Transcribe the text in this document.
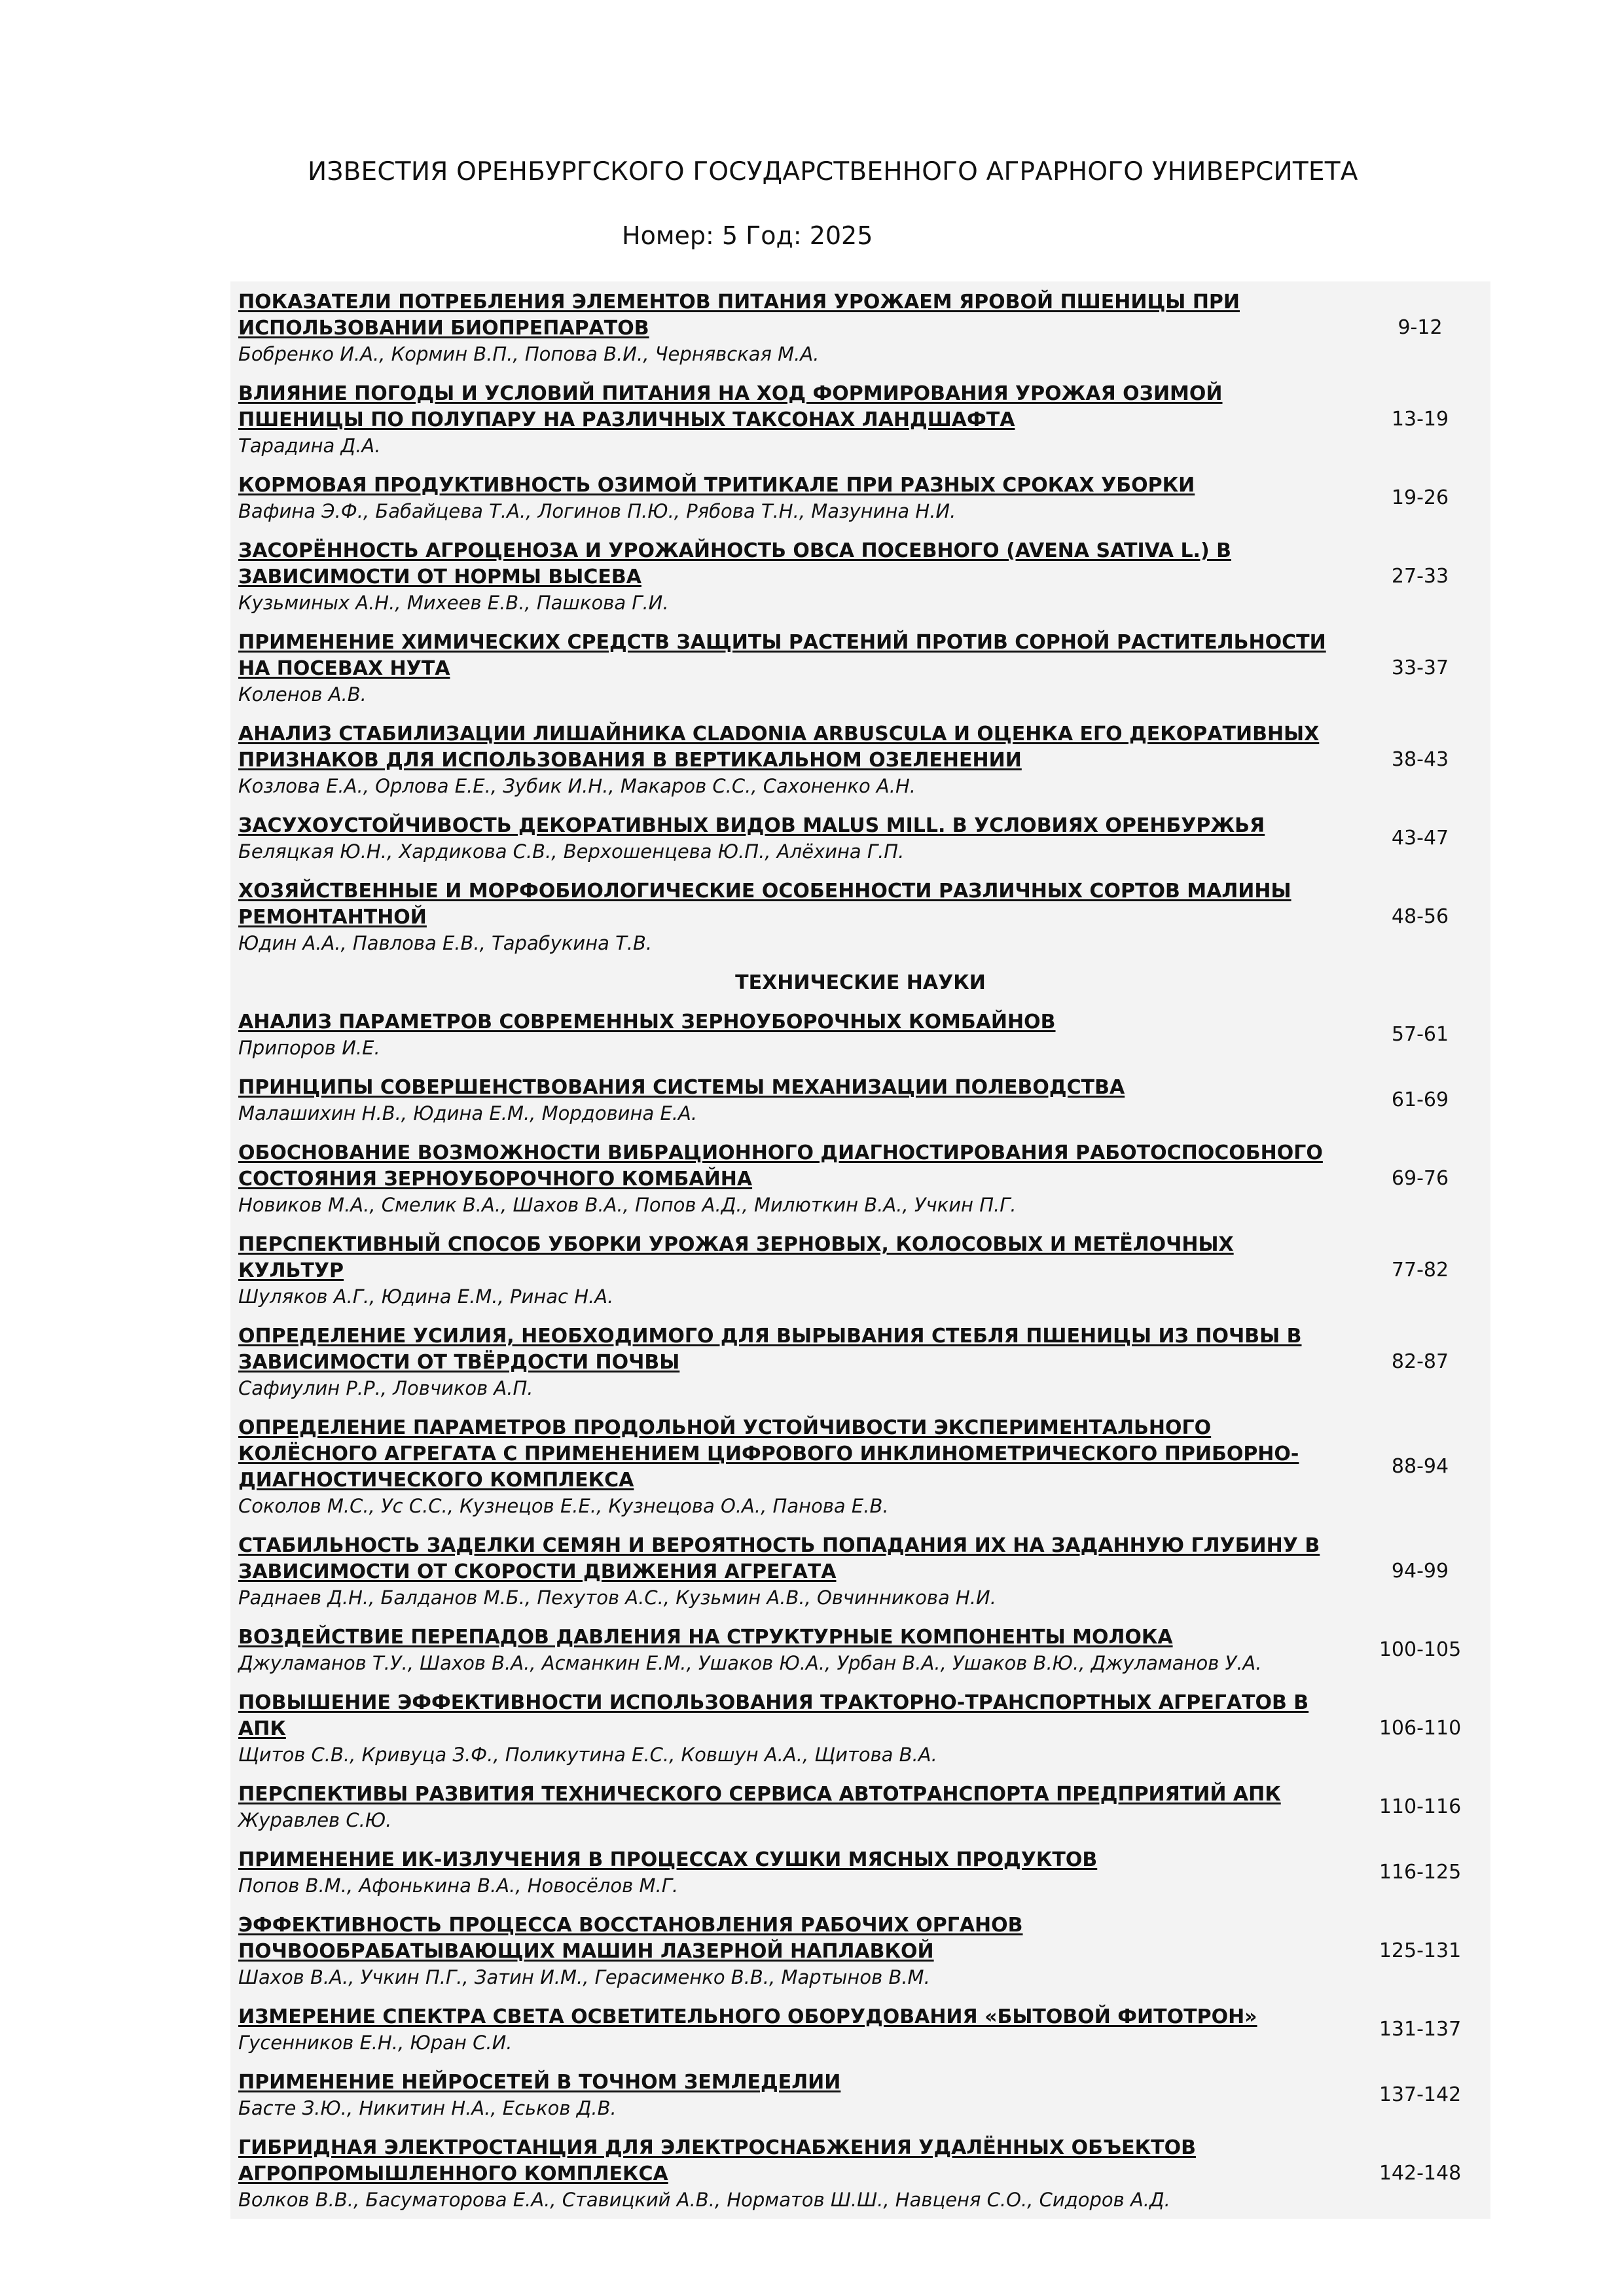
ИЗВЕСТИЯ ОРЕНБУРГСКОГО ГОСУДАРСТВЕННОГО АГРАРНОГО УНИВЕРСИТЕТА
Номер: 5 Год: 2025
ПОКАЗАТЕЛИ ПОТРЕБЛЕНИЯ ЭЛЕМЕНТОВ ПИТАНИЯ УРОЖАЕМ ЯРОВОЙ ПШЕНИЦЫ ПРИ ИСПОЛЬЗОВАНИИ БИОПРЕПАРАТОВ
Бобренко И.А., Кормин В.П., Попова В.И., Чернявская М.А.	9-12

ВЛИЯНИЕ ПОГОДЫ И УСЛОВИЙ ПИТАНИЯ НА ХОД ФОРМИРОВАНИЯ УРОЖАЯ ОЗИМОЙ ПШЕНИЦЫ ПО ПОЛУПАРУ НА РАЗЛИЧНЫХ ТАКСОНАХ ЛАНДШАФТА
Тарадина Д.А.	13-19

КОРМОВАЯ ПРОДУКТИВНОСТЬ ОЗИМОЙ ТРИТИКАЛЕ ПРИ РАЗНЫХ СРОКАХ УБОРКИ
Вафина Э.Ф., Бабайцева Т.А., Логинов П.Ю., Рябова Т.Н., Мазунина Н.И.	19-26

ЗАСОРЁННОСТЬ АГРОЦЕНОЗА И УРОЖАЙНОСТЬ ОВСА ПОСЕВНОГО (AVENA SATIVA L.) В ЗАВИСИМОСТИ ОТ НОРМЫ ВЫСЕВА
Кузьминых А.Н., Михеев Е.В., Пашкова Г.И.	27-33

ПРИМЕНЕНИЕ ХИМИЧЕСКИХ СРЕДСТВ ЗАЩИТЫ РАСТЕНИЙ ПРОТИВ СОРНОЙ РАСТИТЕЛЬНОСТИ НА ПОСЕВАХ НУТА
Коленов А.В.	33-37

АНАЛИЗ СТАБИЛИЗАЦИИ ЛИШАЙНИКА CLADONIA ARBUSCULA И ОЦЕНКА ЕГО ДЕКОРАТИВНЫХ ПРИЗНАКОВ ДЛЯ ИСПОЛЬЗОВАНИЯ В ВЕРТИКАЛЬНОМ ОЗЕЛЕНЕНИИ
Козлова Е.А., Орлова Е.Е., Зубик И.Н., Макаров С.С., Сахоненко А.Н.	38-43

ЗАСУХОУСТОЙЧИВОСТЬ ДЕКОРАТИВНЫХ ВИДОВ MALUS MILL. В УСЛОВИЯХ ОРЕНБУРЖЬЯ
Беляцкая Ю.Н., Хардикова С.В., Верхошенцева Ю.П., Алёхина Г.П.	43-47

ХОЗЯЙСТВЕННЫЕ И МОРФОБИОЛОГИЧЕСКИЕ ОСОБЕННОСТИ РАЗЛИЧНЫХ СОРТОВ МАЛИНЫ РЕМОНТАНТНОЙ
Юдин А.А., Павлова Е.В., Тарабукина Т.В.	48-56
ТЕХНИЧЕСКИЕ НАУКИ	

АНАЛИЗ ПАРАМЕТРОВ СОВРЕМЕННЫХ ЗЕРНОУБОРОЧНЫХ КОМБАЙНОВ
Припоров И.Е.	57-61

ПРИНЦИПЫ СОВЕРШЕНСТВОВАНИЯ СИСТЕМЫ МЕХАНИЗАЦИИ ПОЛЕВОДСТВА
Малашихин Н.В., Юдина Е.М., Мордовина Е.А.	61-69

ОБОСНОВАНИЕ ВОЗМОЖНОСТИ ВИБРАЦИОННОГО ДИАГНОСТИРОВАНИЯ РАБОТОСПОСОБНОГО СОСТОЯНИЯ ЗЕРНОУБОРОЧНОГО КОМБАЙНА
Новиков М.А., Смелик В.А., Шахов В.А., Попов А.Д., Милюткин В.А., Учкин П.Г.	69-76

ПЕРСПЕКТИВНЫЙ СПОСОБ УБОРКИ УРОЖАЯ ЗЕРНОВЫХ, КОЛОСОВЫХ И МЕТЁЛОЧНЫХ КУЛЬТУР
Шуляков А.Г., Юдина Е.М., Ринас Н.А.	77-82

ОПРЕДЕЛЕНИЕ УСИЛИЯ, НЕОБХОДИМОГО ДЛЯ ВЫРЫВАНИЯ СТЕБЛЯ ПШЕНИЦЫ ИЗ ПОЧВЫ В ЗАВИСИМОСТИ ОТ ТВЁРДОСТИ ПОЧВЫ
Сафиулин Р.Р., Ловчиков А.П.	82-87

ОПРЕДЕЛЕНИЕ ПАРАМЕТРОВ ПРОДОЛЬНОЙ УСТОЙЧИВОСТИ ЭКСПЕРИМЕНТАЛЬНОГО КОЛЁСНОГО АГРЕГАТА С ПРИМЕНЕНИЕМ ЦИФРОВОГО ИНКЛИНОМЕТРИЧЕСКОГО ПРИБОРНО-ДИАГНОСТИЧЕСКОГО КОМПЛЕКСА
Соколов М.С., Ус С.С., Кузнецов Е.Е., Кузнецова О.А., Панова Е.В.	88-94

СТАБИЛЬНОСТЬ ЗАДЕЛКИ СЕМЯН И ВЕРОЯТНОСТЬ ПОПАДАНИЯ ИХ НА ЗАДАННУЮ ГЛУБИНУ В ЗАВИСИМОСТИ ОТ СКОРОСТИ ДВИЖЕНИЯ АГРЕГАТА
Раднаев Д.Н., Балданов М.Б., Пехутов А.С., Кузьмин А.В., Овчинникова Н.И.	94-99

ВОЗДЕЙСТВИЕ ПЕРЕПАДОВ ДАВЛЕНИЯ НА СТРУКТУРНЫЕ КОМПОНЕНТЫ МОЛОКА
Джуламанов Т.У., Шахов В.А., Асманкин Е.М., Ушаков Ю.А., Урбан В.А., Ушаков В.Ю., Джуламанов У.А.	100-105

ПОВЫШЕНИЕ ЭФФЕКТИВНОСТИ ИСПОЛЬЗОВАНИЯ ТРАКТОРНО-ТРАНСПОРТНЫХ АГРЕГАТОВ В АПК
Щитов С.В., Кривуца З.Ф., Поликутина Е.С., Ковшун А.А., Щитова В.А.	106-110

ПЕРСПЕКТИВЫ РАЗВИТИЯ ТЕХНИЧЕСКОГО СЕРВИСА АВТОТРАНСПОРТА ПРЕДПРИЯТИЙ АПК
Журавлев С.Ю.	110-116

ПРИМЕНЕНИЕ ИК-ИЗЛУЧЕНИЯ В ПРОЦЕССАХ СУШКИ МЯСНЫХ ПРОДУКТОВ
Попов В.М., Афонькина В.А., Новосёлов М.Г.	116-125

ЭФФЕКТИВНОСТЬ ПРОЦЕССА ВОССТАНОВЛЕНИЯ РАБОЧИХ ОРГАНОВ ПОЧВООБРАБАТЫВАЮЩИХ МАШИН ЛАЗЕРНОЙ НАПЛАВКОЙ
Шахов В.А., Учкин П.Г., Затин И.М., Герасименко В.В., Мартынов В.М.	125-131

ИЗМЕРЕНИЕ СПЕКТРА СВЕТА ОСВЕТИТЕЛЬНОГО ОБОРУДОВАНИЯ «БЫТОВОЙ ФИТОТРОН»
Гусенников Е.Н., Юран С.И.	131-137

ПРИМЕНЕНИЕ НЕЙРОСЕТЕЙ В ТОЧНОМ ЗЕМЛЕДЕЛИИ
Басте З.Ю., Никитин Н.А., Еськов Д.В.	137-142

ГИБРИДНАЯ ЭЛЕКТРОСТАНЦИЯ ДЛЯ ЭЛЕКТРОСНАБЖЕНИЯ УДАЛЁННЫХ ОБЪЕКТОВ АГРОПРОМЫШЛЕННОГО КОМПЛЕКСА
Волков В.В., Басуматорова Е.А., Ставицкий А.В., Норматов Ш.Ш., Навценя С.О., Сидоров А.Д.	142-148
